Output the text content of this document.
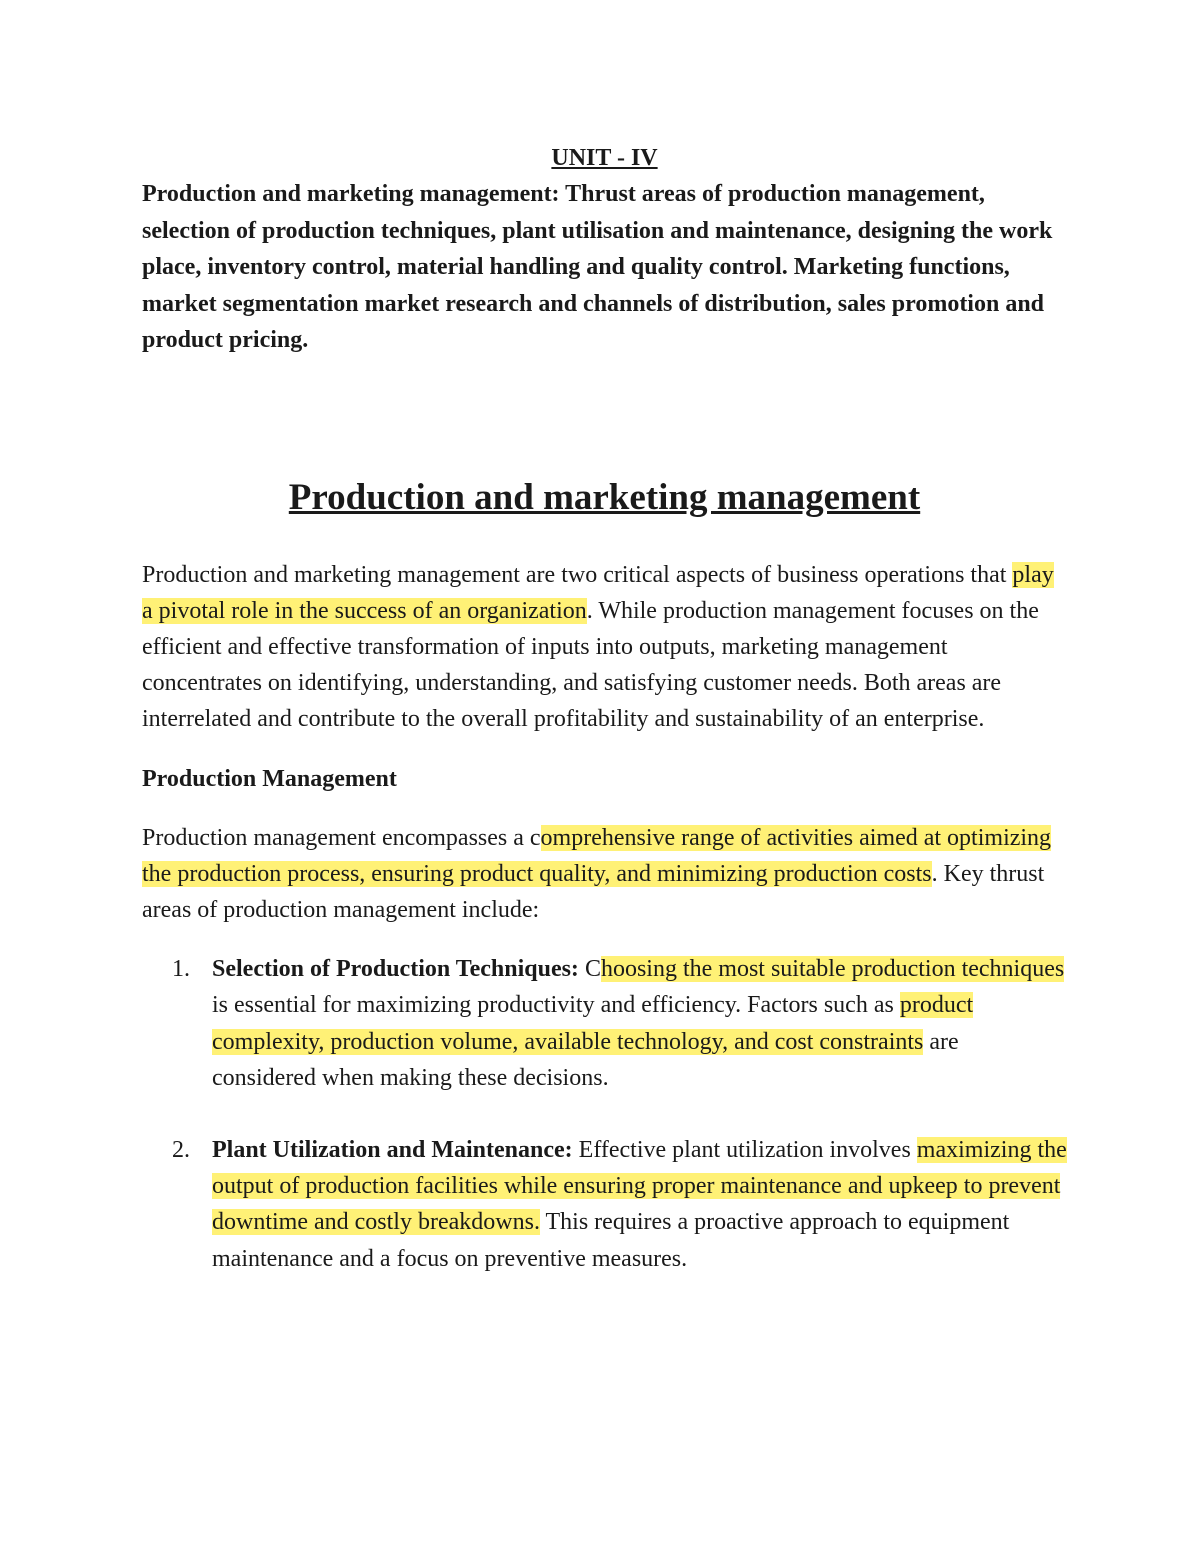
UNIT - IV

Production and marketing management: Thrust areas of production management, selection of production techniques, plant utilisation and maintenance, designing the work place, inventory control, material handling and quality control. Marketing functions, market segmentation market research and channels of distribution, sales promotion and product pricing.

Production and marketing management

Production and marketing management are two critical aspects of business operations that play a pivotal role in the success of an organization. While production management focuses on the efficient and effective transformation of inputs into outputs, marketing management concentrates on identifying, understanding, and satisfying customer needs. Both areas are interrelated and contribute to the overall profitability and sustainability of an enterprise.

Production Management

Production management encompasses a comprehensive range of activities aimed at optimizing the production process, ensuring product quality, and minimizing production costs. Key thrust areas of production management include:

1. Selection of Production Techniques: Choosing the most suitable production techniques is essential for maximizing productivity and efficiency. Factors such as product complexity, production volume, available technology, and cost constraints are considered when making these decisions.
2. Plant Utilization and Maintenance: Effective plant utilization involves maximizing the output of production facilities while ensuring proper maintenance and upkeep to prevent downtime and costly breakdowns. This requires a proactive approach to equipment maintenance and a focus on preventive measures.
